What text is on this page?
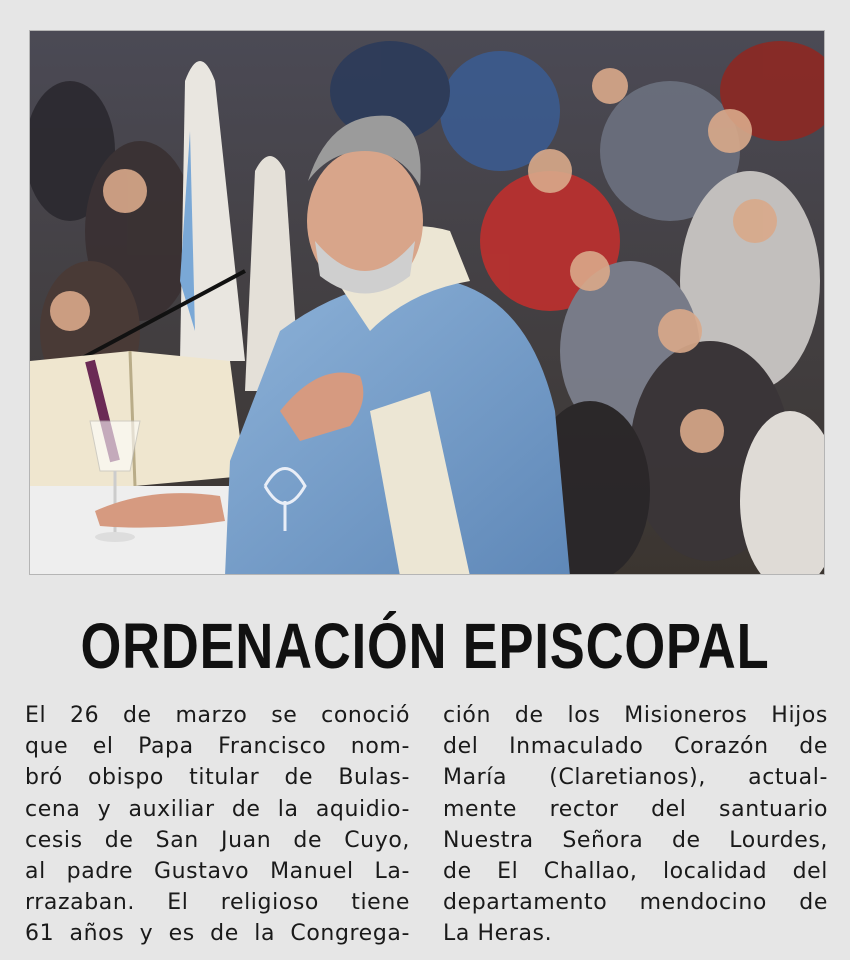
ORDENACIÓN EPISCOPAL
El 26 de marzo se conoció
que el Papa Francisco nom-
bró obispo titular de Bulas-
cena y auxiliar de la aquidio-
cesis de San Juan de Cuyo,
al padre Gustavo Manuel La-
rrazaban. El religioso tiene
61 años y es de la Congrega-
ción de los Misioneros Hijos
del Inmaculado Corazón de
María (Claretianos), actual-
mente rector del santuario
Nuestra Señora de Lourdes,
de El Challao, localidad del
departamento mendocino de
La Heras.
